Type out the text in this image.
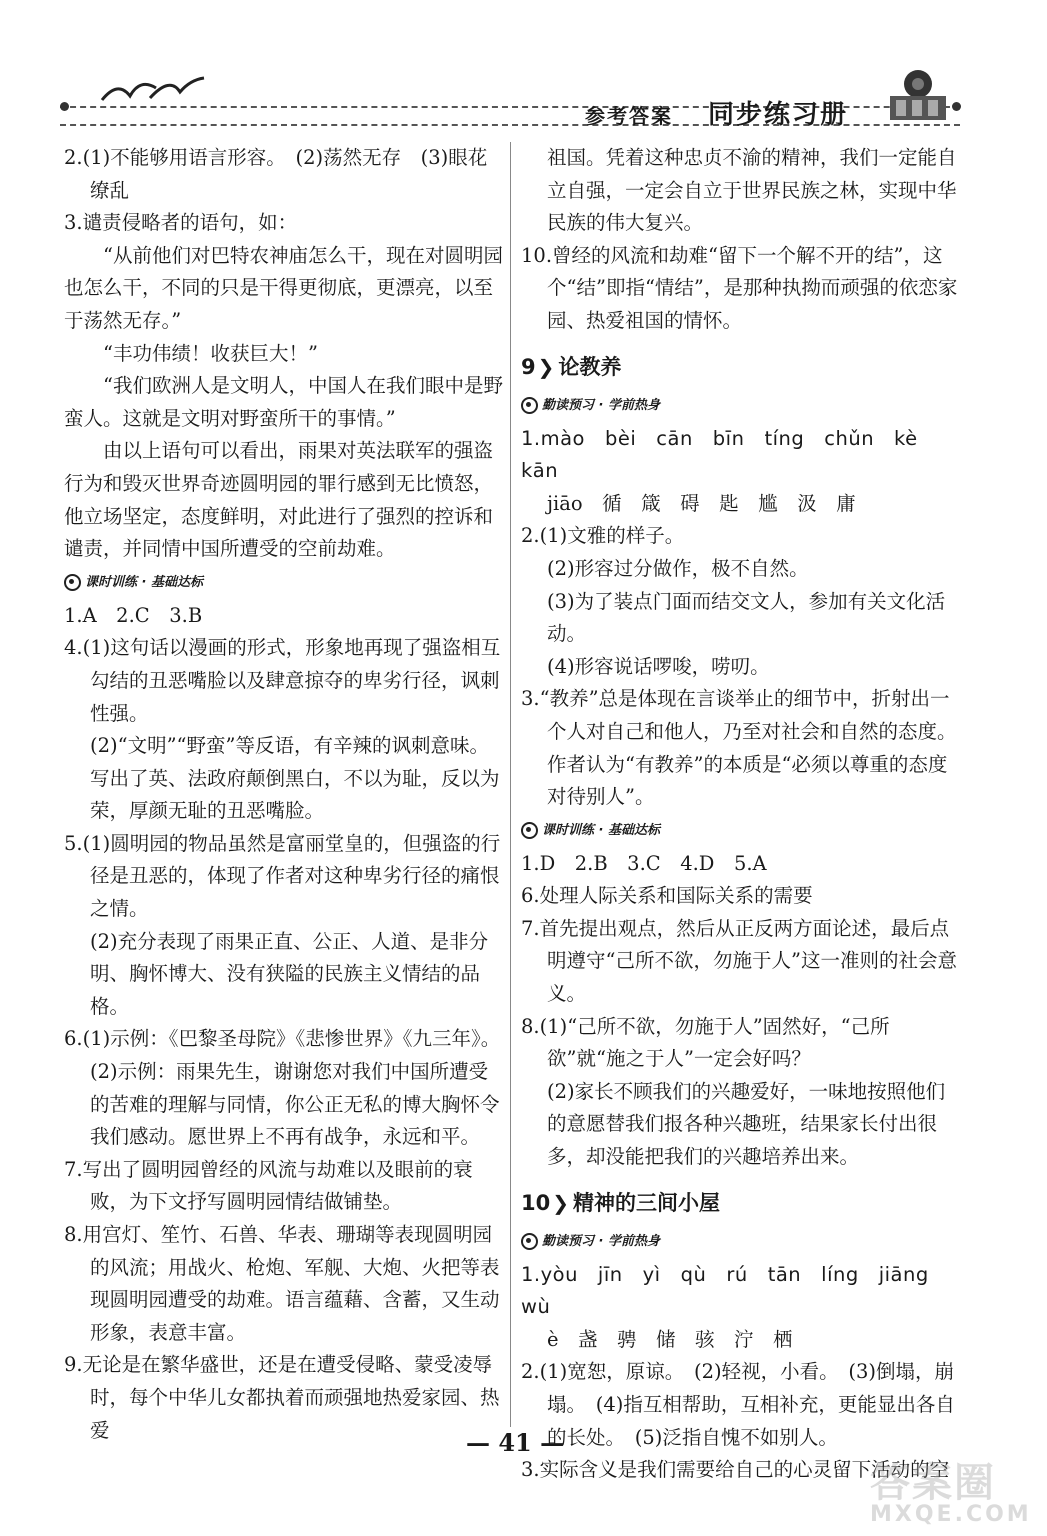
参考答案 同步练习册

2.(1)不能够用语言形容。　(2)荡然无存　(3)眼花缭乱

3.谴责侵略者的语句，如：

“从前他们对巴特农神庙怎么干，现在对圆明园也怎么干，不同的只是干得更彻底，更漂亮，以至于荡然无存。”

“丰功伟绩！收获巨大！”

“我们欧洲人是文明人，中国人在我们眼中是野蛮人。这就是文明对野蛮所干的事情。”

由以上语句可以看出，雨果对英法联军的强盗行为和毁灭世界奇迹圆明园的罪行感到无比愤怒，他立场坚定，态度鲜明，对此进行了强烈的控诉和谴责，并同情中国所遭受的空前劫难。

课时训练 · 基础达标

1.A　2.C　3.B

4.(1)这句话以漫画的形式，形象地再现了强盗相互勾结的丑恶嘴脸以及肆意掠夺的卑劣行径，讽刺性强。

(2)“文明”“野蛮”等反语，有辛辣的讽刺意味。写出了英、法政府颠倒黑白，不以为耻，反以为荣，厚颜无耻的丑恶嘴脸。

5.(1)圆明园的物品虽然是富丽堂皇的，但强盗的行径是丑恶的，体现了作者对这种卑劣行径的痛恨之情。

(2)充分表现了雨果正直、公正、人道、是非分明、胸怀博大、没有狭隘的民族主义情结的品格。

6.(1)示例：《巴黎圣母院》《悲惨世界》《九三年》。

(2)示例：雨果先生，谢谢您对我们中国所遭受的苦难的理解与同情，你公正无私的博大胸怀令我们感动。愿世界上不再有战争，永远和平。

7.写出了圆明园曾经的风流与劫难以及眼前的衰败，为下文抒写圆明园情结做铺垫。

8.用宫灯、笙竹、石兽、华表、珊瑚等表现圆明园的风流；用战火、枪炮、军舰、大炮、火把等表现圆明园遭受的劫难。语言蕴藉、含蓄，又生动形象，表意丰富。

9.无论是在繁华盛世，还是在遭受侵略、蒙受凌辱时，每个中华儿女都执着而顽强地热爱家园、热爱

祖国。凭着这种忠贞不渝的精神，我们一定能自立自强，一定会自立于世界民族之林，实现中华民族的伟大复兴。

10.曾经的风流和劫难“留下一个解不开的结”，这个“结”即指“情结”，是那种执拗而顽强的依恋家园、热爱祖国的情怀。

9 ❯ 论教养
勤读预习 · 学前热身

1.mào　bèi　cān　bīn　tíng　chǔn　kè　kān

jiāo　循　箴　碍　匙　尴　汲　庸

2.(1)文雅的样子。

(2)形容过分做作，极不自然。

(3)为了装点门面而结交文人，参加有关文化活动。

(4)形容说话啰唆，唠叨。

3.“教养”总是体现在言谈举止的细节中，折射出一个人对自己和他人，乃至对社会和自然的态度。作者认为“有教养”的本质是“必须以尊重的态度对待别人”。

课时训练 · 基础达标

1.D　2.B　3.C　4.D　5.A

6.处理人际关系和国际关系的需要

7.首先提出观点，然后从正反两方面论述，最后点明遵守“己所不欲，勿施于人”这一准则的社会意义。

8.(1)“己所不欲，勿施于人”固然好，“己所欲”就“施之于人”一定会好吗？

(2)家长不顾我们的兴趣爱好，一味地按照他们的意愿替我们报各种兴趣班，结果家长付出很多，却没能把我们的兴趣培养出来。

10 ❯ 精神的三间小屋
勤读预习 · 学前热身

1.yòu　jīn　yì　qù　rú　tān　líng　jiāng　wù

è　盏　骋　储　骇　泞　栖

2.(1)宽恕，原谅。　(2)轻视，小看。　(3)倒塌，崩塌。　(4)指互相帮助，互相补充，更能显出各自的长处。　(5)泛指自愧不如别人。

3.实际含义是我们需要给自己的心灵留下活动的空

— 41 —
答案圈
MXQE.COM
